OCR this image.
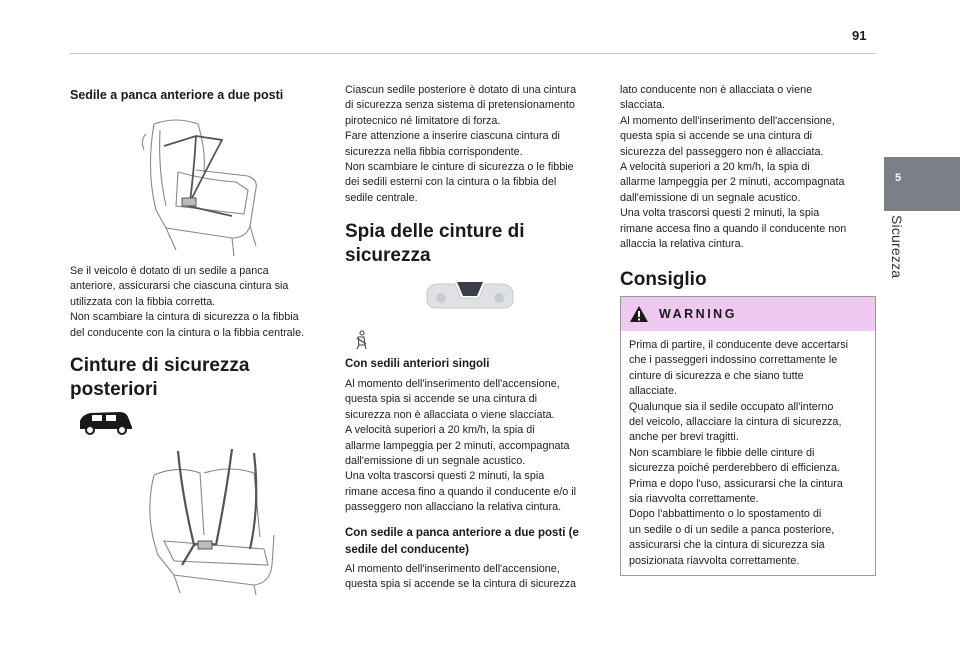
91
5
Sicurezza
Sedile a panca anteriore a due posti
Se il veicolo è dotato di un sedile a panca
anteriore, assicurarsi che ciascuna cintura sia
utilizzata con la fibbia corretta.
Non scambiare la cintura di sicurezza o la fibbia
del conducente con la cintura o la fibbia centrale.
Cinture di sicurezza
posteriori
Ciascun sedile posteriore è dotato di una cintura
di sicurezza senza sistema di pretensionamento
pirotecnico né limitatore di forza.
Fare attenzione a inserire ciascuna cintura di
sicurezza nella fibbia corrispondente.
Non scambiare le cinture di sicurezza o le fibbie
dei sedili esterni con la cintura o la fibbia del
sedile centrale.
Spia delle cinture di
sicurezza
Con sedili anteriori singoli
Al momento dell'inserimento dell'accensione,
questa spia si accende se una cintura di
sicurezza non è allacciata o viene slacciata.
A velocità superiori a 20 km/h, la spia di
allarme lampeggia per 2 minuti, accompagnata
dall'emissione di un segnale acustico.
Una volta trascorsi questi 2 minuti, la spia
rimane accesa fino a quando il conducente e/o il
passeggero non allacciano la relativa cintura.
Con sedile a panca anteriore a due posti (e
sedile del conducente)
Al momento dell'inserimento dell'accensione,
questa spia si accende se la cintura di sicurezza
lato conducente non è allacciata o viene
slacciata.
Al momento dell'inserimento dell'accensione,
questa spia si accende se una cintura di
sicurezza del passeggero non è allacciata.
A velocità superiori a 20 km/h, la spia di
allarme lampeggia per 2 minuti, accompagnata
dall'emissione di un segnale acustico.
Una volta trascorsi questi 2 minuti, la spia
rimane accesa fino a quando il conducente non
allaccia la relativa cintura.
Consiglio
WARNING
Prima di partire, il conducente deve accertarsi
che i passeggeri indossino correttamente le
cinture di sicurezza e che siano tutte
allacciate.
Qualunque sia il sedile occupato all'interno
del veicolo, allacciare la cintura di sicurezza,
anche per brevi tragitti.
Non scambiare le fibbie delle cinture di
sicurezza poiché perderebbero di efficienza.
Prima e dopo l'uso, assicurarsi che la cintura
sia riavvolta correttamente.
Dopo l'abbattimento o lo spostamento di
un sedile o di un sedile a panca posteriore,
assicurarsi che la cintura di sicurezza sia
posizionata riavvolta correttamente.
